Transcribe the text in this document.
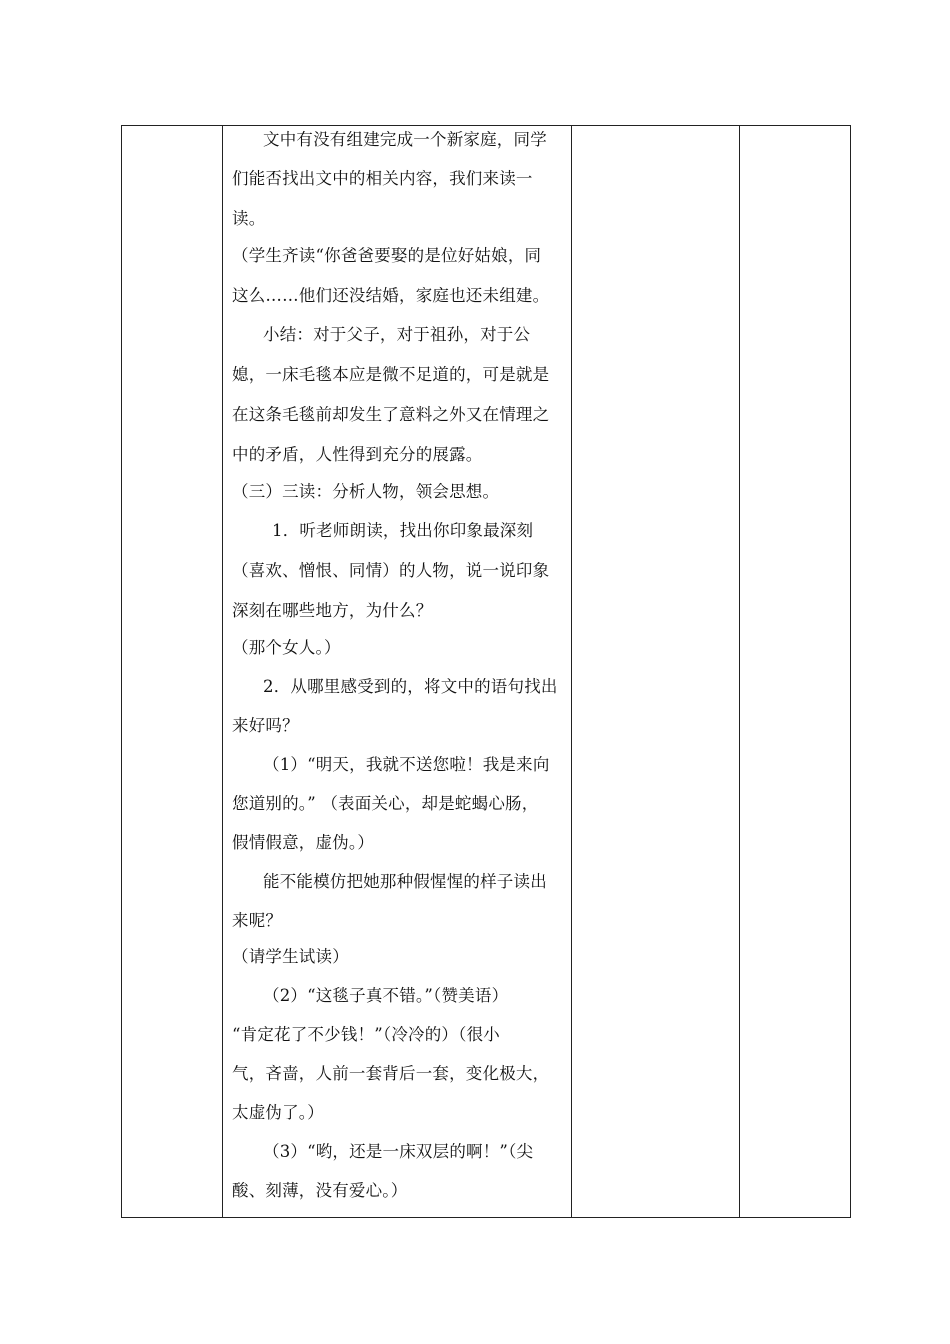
文中有没有组建完成一个新家庭，同学
们能否找出文中的相关内容，我们来读一
读。
（学生齐读“你爸爸要娶的是位好姑娘，同
这么……他们还没结婚，家庭也还未组建。
小结：对于父子，对于祖孙，对于公
媳，一床毛毯本应是微不足道的，可是就是
在这条毛毯前却发生了意料之外又在情理之
中的矛盾，人性得到充分的展露。
（三）三读：分析人物，领会思想。
1．听老师朗读，找出你印象最深刻
（喜欢、憎恨、同情）的人物，说一说印象
深刻在哪些地方，为什么？
（那个女人。）
2．从哪里感受到的，将文中的语句找出
来好吗？
（1）“明天，我就不送您啦！我是来向
您道别的。” （表面关心，却是蛇蝎心肠，
假情假意，虚伪。）
能不能模仿把她那种假惺惺的样子读出
来呢？
（请学生试读）
（2）“这毯子真不错。”（赞美语）
“肯定花了不少钱！”（冷冷的）（很小
气，吝啬，人前一套背后一套，变化极大，
太虚伪了。）
（3）“哟，还是一床双层的啊！”（尖
酸、刻薄，没有爱心。）
